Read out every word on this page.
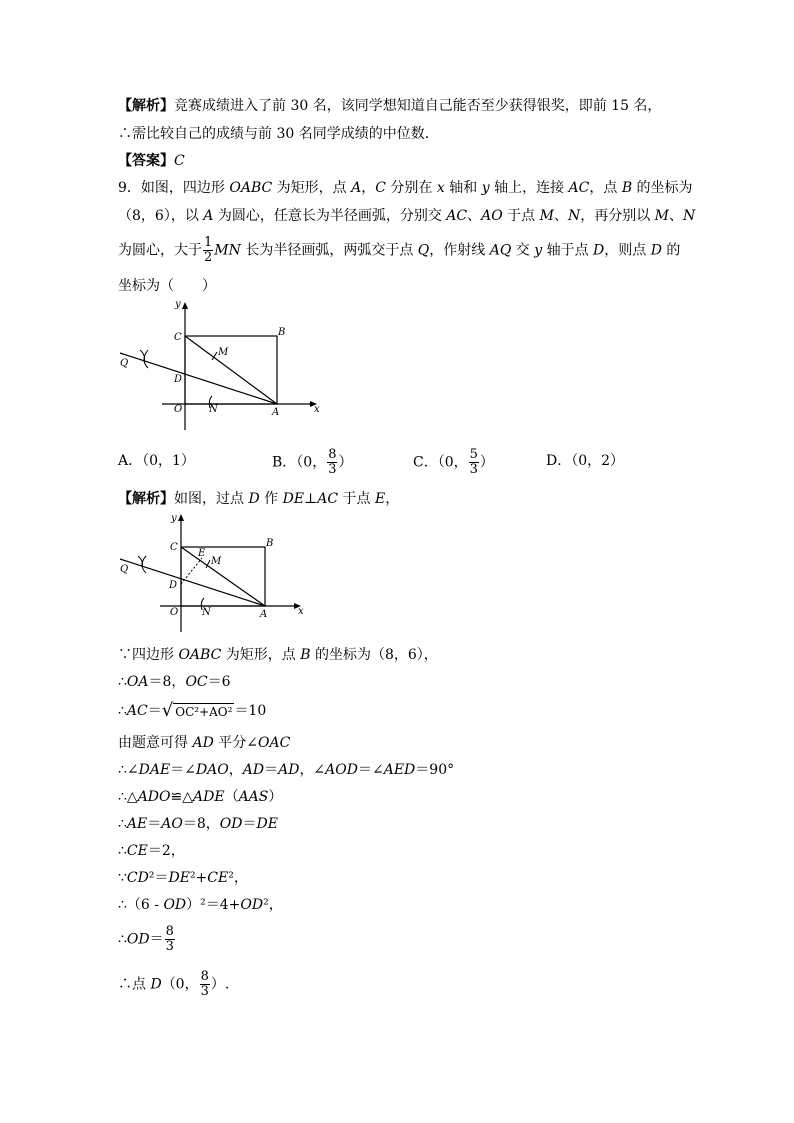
【解析】竞赛成绩进入了前 30 名，该同学想知道自己能否至少获得银奖，即前 15 名，
∴需比较自己的成绩与前 30 名同学成绩的中位数．
【答案】C
9．如图，四边形 OABC 为矩形，点 A，C 分别在 x 轴和 y 轴上，连接 AC，点 B 的坐标为
（8，6），以 A 为圆心，任意长为半径画弧，分别交 AC、AO 于点 M、N，再分别以 M、N
为圆心，大于 $\frac{1}{2}$ MN 长为半径画弧，两弧交于点 Q，作射线 AQ 交 y 轴于点 D，则点 D 的
坐标为（　　）
y
x
C	B
M
Q
D
O	N	A
A．（0，1）	B．（0， $\frac{8}{3}$ ）	C．（0， $\frac{5}{3}$ ）	D．（0，2）
【解析】如图，过点 D 作 DE⊥AC 于点 E，
y
x
C	B
E
M
Q
D
O N	A
∵四边形 OABC 为矩形，点 B 的坐标为（8，6），
∴OA＝8，OC＝6
∴AC＝√ OC²+AO² ＝10
由题意可得 AD 平分∠OAC
∴∠DAE＝∠DAO，AD＝AD，∠AOD＝∠AED＝90°
∴△ADO≌△ADE（AAS）
∴AE＝AO＝8，OD＝DE
∴CE＝2，
∵CD²＝DE²+CE²，
∴（6 - OD）²＝4+OD²，
∴OD＝ $\frac{8}{3}$
∴点 D（0， $\frac{8}{3}$ ）.
